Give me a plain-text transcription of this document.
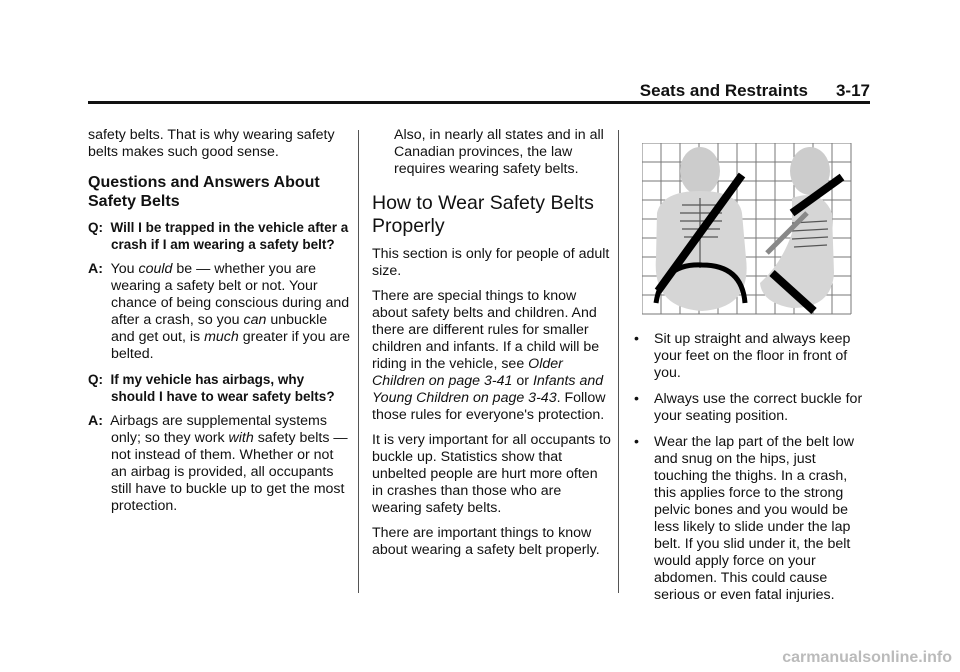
Seats and Restraints 3-17

safety belts. That is why wearing safety belts makes such good sense.

Questions and Answers About Safety Belts
Q: Will I be trapped in the vehicle after a crash if I am wearing a safety belt?
A: You could be — whether you are wearing a safety belt or not. Your chance of being conscious during and after a crash, so you can unbuckle and get out, is much greater if you are belted.
Q: If my vehicle has airbags, why should I have to wear safety belts?
A: Airbags are supplemental systems only; so they work with safety belts — not instead of them. Whether or not an airbag is provided, all occupants still have to buckle up to get the most protection.

Also, in nearly all states and in all Canadian provinces, the law requires wearing safety belts.

How to Wear Safety Belts Properly

This section is only for people of adult size.

There are special things to know about safety belts and children. And there are different rules for smaller children and infants. If a child will be riding in the vehicle, see Older Children on page 3-41 or Infants and Young Children on page 3-43. Follow those rules for everyone's protection.

It is very important for all occupants to buckle up. Statistics show that unbelted people are hurt more often in crashes than those who are wearing safety belts.

There are important things to know about wearing a safety belt properly.

• Sit up straight and always keep your feet on the floor in front of you.
• Always use the correct buckle for your seating position.
• Wear the lap part of the belt low and snug on the hips, just touching the thighs. In a crash, this applies force to the strong pelvic bones and you would be less likely to slide under the lap belt. If you slid under it, the belt would apply force on your abdomen. This could cause serious or even fatal injuries.
carmanualsonline.info
